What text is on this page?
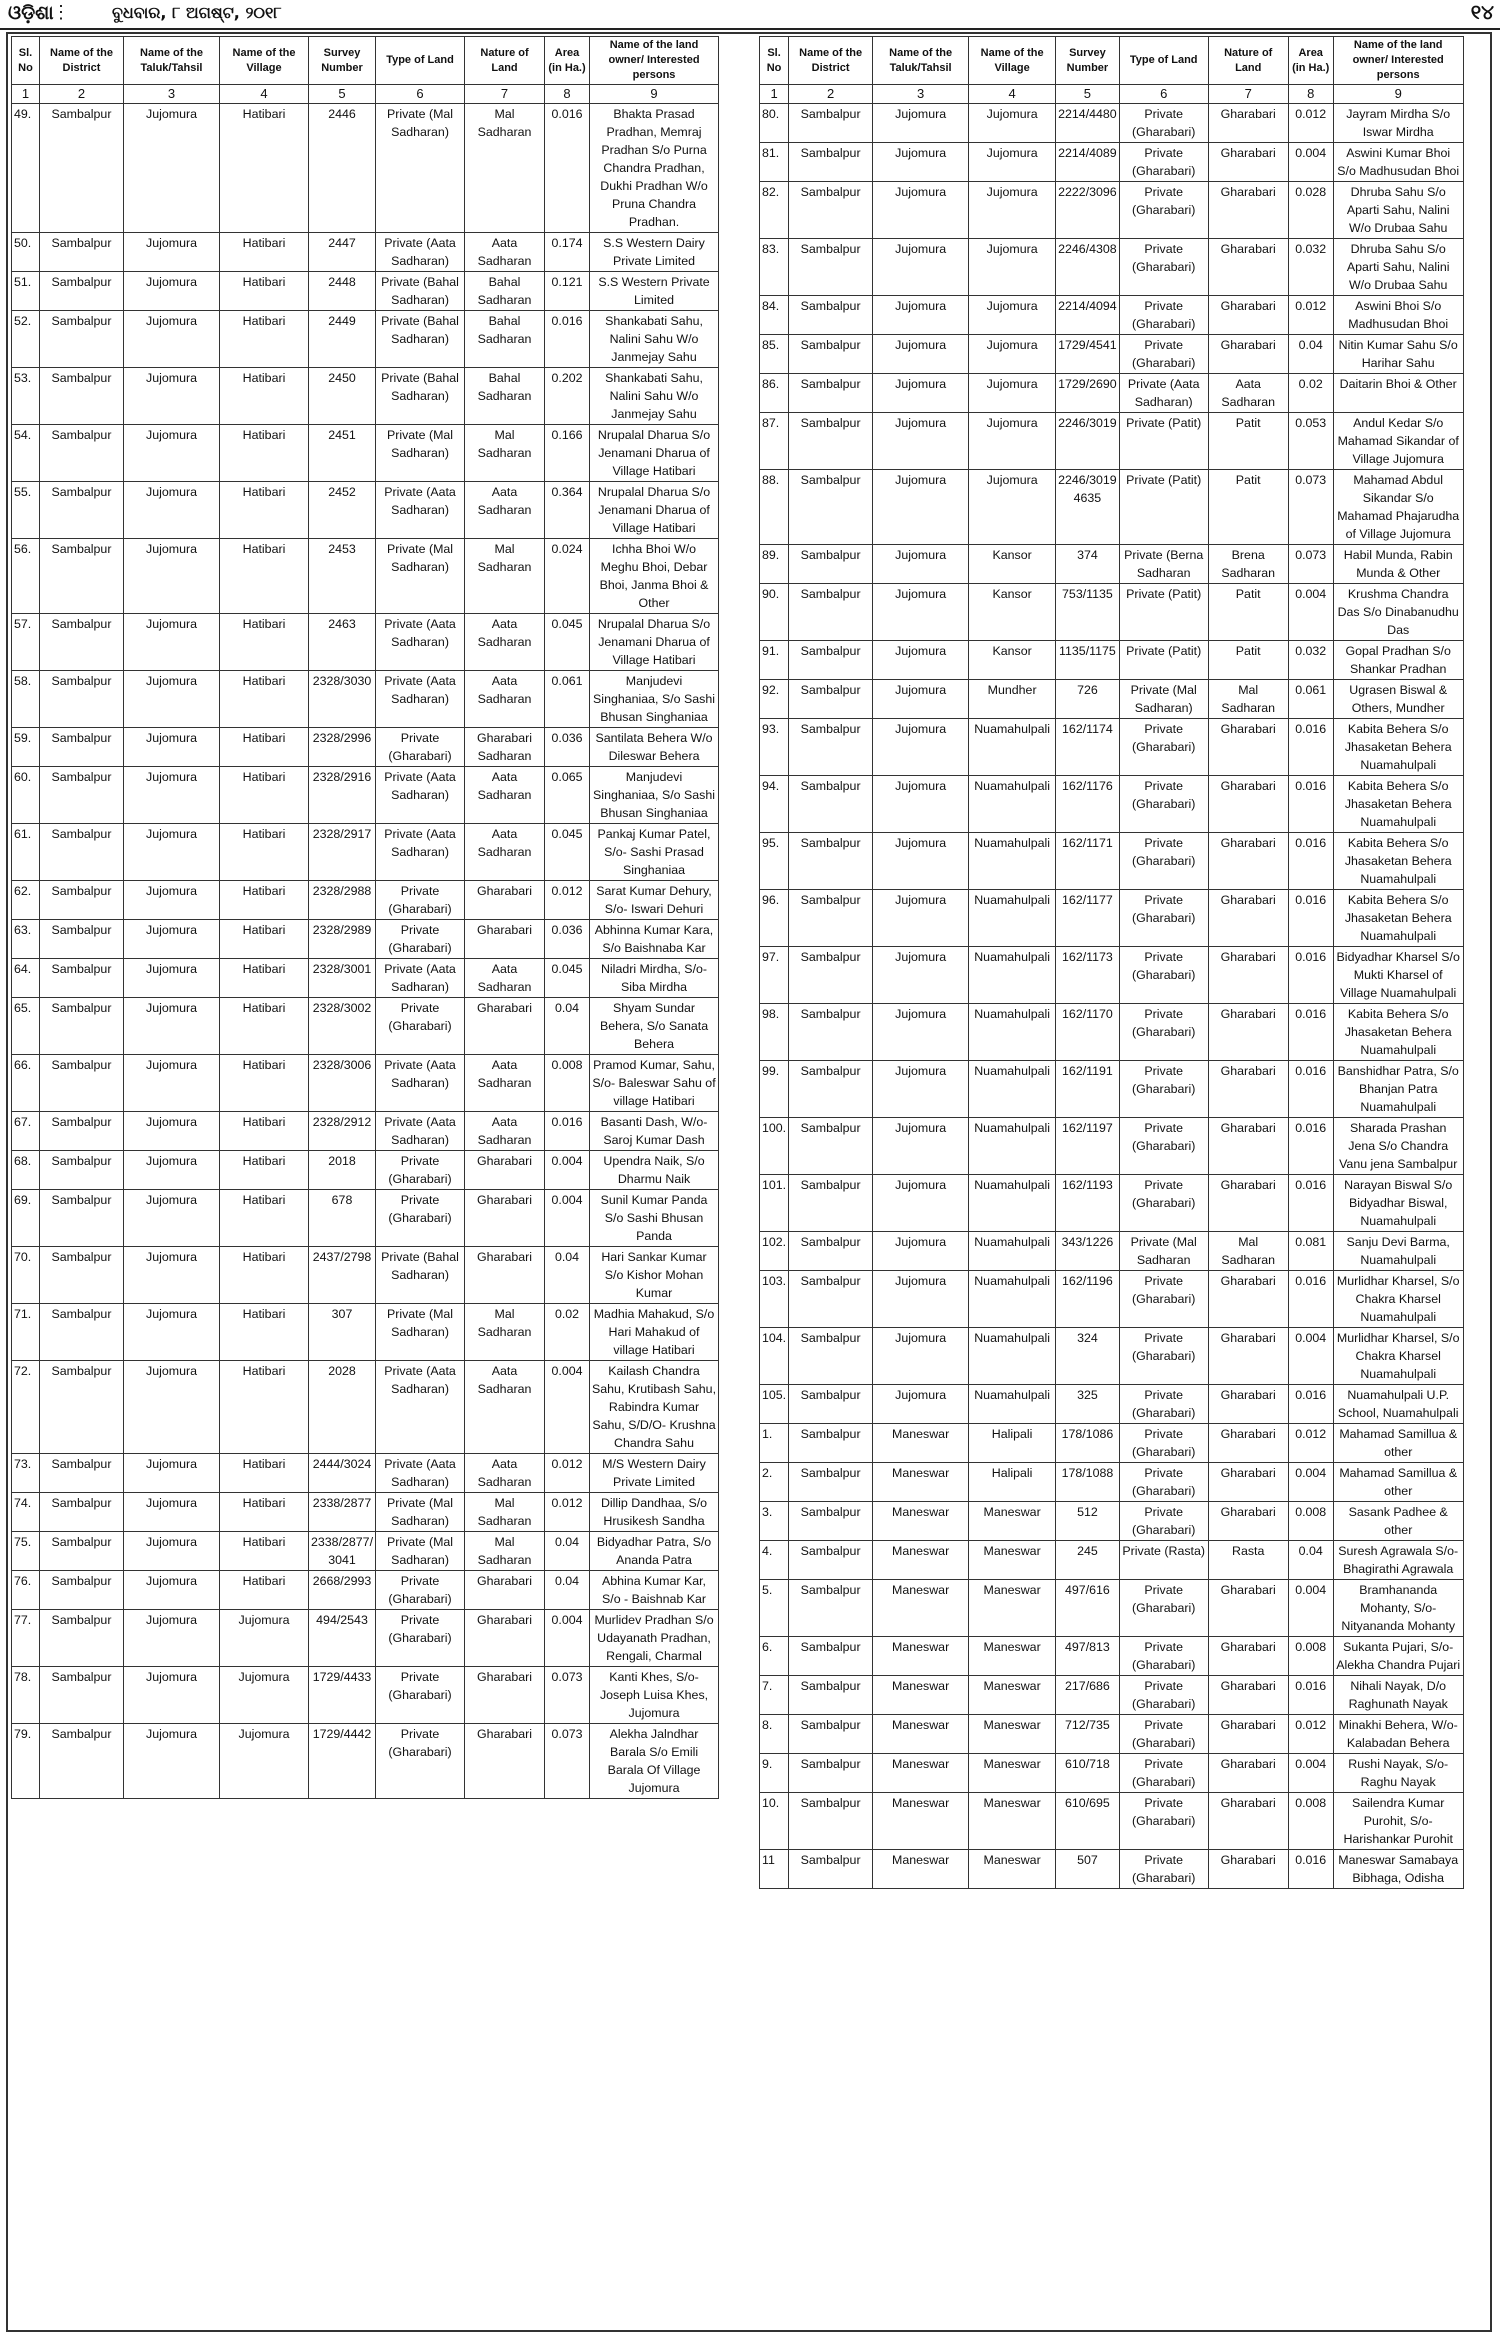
ଓଡ଼ିଶା
⋮	ବୁଧବାର, ୮ ଅଗଷ୍ଟ, ୨୦୧୮	୧୪
Sl. No	Name of the District	Name of the Taluk/Tahsil	Name of the Village	Survey Number	Type of Land	Nature of Land	Area (in Ha.)	Name of the land owner/ Interested persons
1	2	3	4	5	6	7	8	9
49.	Sambalpur	Jujomura	Hatibari	2446	Private (Mal Sadharan)	Mal Sadharan	0.016	Bhakta Prasad Pradhan, Memraj Pradhan S/o Purna Chandra Pradhan, Dukhi Pradhan W/o Pruna Chandra Pradhan.
50.	Sambalpur	Jujomura	Hatibari	2447	Private (Aata Sadharan)	Aata Sadharan	0.174	S.S Western Dairy Private Limited
51.	Sambalpur	Jujomura	Hatibari	2448	Private (Bahal Sadharan)	Bahal Sadharan	0.121	S.S Western Private Limited
52.	Sambalpur	Jujomura	Hatibari	2449	Private (Bahal Sadharan)	Bahal Sadharan	0.016	Shankabati Sahu, Nalini Sahu W/o Janmejay Sahu
53.	Sambalpur	Jujomura	Hatibari	2450	Private (Bahal Sadharan)	Bahal Sadharan	0.202	Shankabati Sahu, Nalini Sahu W/o Janmejay Sahu
54.	Sambalpur	Jujomura	Hatibari	2451	Private (Mal Sadharan)	Mal Sadharan	0.166	Nrupalal Dharua S/o Jenamani Dharua of Village Hatibari
55.	Sambalpur	Jujomura	Hatibari	2452	Private (Aata Sadharan)	Aata Sadharan	0.364	Nrupalal Dharua S/o Jenamani Dharua of Village Hatibari
56.	Sambalpur	Jujomura	Hatibari	2453	Private (Mal Sadharan)	Mal Sadharan	0.024	Ichha Bhoi W/o Meghu Bhoi, Debar Bhoi, Janma Bhoi & Other
57.	Sambalpur	Jujomura	Hatibari	2463	Private (Aata Sadharan)	Aata Sadharan	0.045	Nrupalal Dharua S/o Jenamani Dharua of Village Hatibari
58.	Sambalpur	Jujomura	Hatibari	2328/3030	Private (Aata Sadharan)	Aata Sadharan	0.061	Manjudevi Singhaniaa, S/o Sashi Bhusan Singhaniaa
59.	Sambalpur	Jujomura	Hatibari	2328/2996	Private (Gharabari)	Gharabari Sadharan	0.036	Santilata Behera W/o Dileswar Behera
60.	Sambalpur	Jujomura	Hatibari	2328/2916	Private (Aata Sadharan)	Aata Sadharan	0.065	Manjudevi Singhaniaa, S/o Sashi Bhusan Singhaniaa
61.	Sambalpur	Jujomura	Hatibari	2328/2917	Private (Aata Sadharan)	Aata Sadharan	0.045	Pankaj Kumar Patel, S/o- Sashi Prasad Singhaniaa
62.	Sambalpur	Jujomura	Hatibari	2328/2988	Private (Gharabari)	Gharabari	0.012	Sarat Kumar Dehury, S/o- Iswari Dehuri
63.	Sambalpur	Jujomura	Hatibari	2328/2989	Private (Gharabari)	Gharabari	0.036	Abhinna Kumar Kara, S/o Baishnaba Kar
64.	Sambalpur	Jujomura	Hatibari	2328/3001	Private (Aata Sadharan)	Aata Sadharan	0.045	Niladri Mirdha, S/o- Siba Mirdha
65.	Sambalpur	Jujomura	Hatibari	2328/3002	Private (Gharabari)	Gharabari	0.04	Shyam Sundar Behera, S/o Sanata Behera
66.	Sambalpur	Jujomura	Hatibari	2328/3006	Private (Aata Sadharan)	Aata Sadharan	0.008	Pramod Kumar, Sahu, S/o- Baleswar Sahu of village Hatibari
67.	Sambalpur	Jujomura	Hatibari	2328/2912	Private (Aata Sadharan)	Aata Sadharan	0.016	Basanti Dash, W/o- Saroj Kumar Dash
68.	Sambalpur	Jujomura	Hatibari	2018	Private (Gharabari)	Gharabari	0.004	Upendra Naik, S/o Dharmu Naik
69.	Sambalpur	Jujomura	Hatibari	678	Private (Gharabari)	Gharabari	0.004	Sunil Kumar Panda S/o Sashi Bhusan Panda
70.	Sambalpur	Jujomura	Hatibari	2437/2798	Private (Bahal Sadharan)	Gharabari	0.04	Hari Sankar Kumar S/o Kishor Mohan Kumar
71.	Sambalpur	Jujomura	Hatibari	307	Private (Mal Sadharan)	Mal Sadharan	0.02	Madhia Mahakud, S/o Hari Mahakud of village Hatibari
72.	Sambalpur	Jujomura	Hatibari	2028	Private (Aata Sadharan)	Aata Sadharan	0.004	Kailash Chandra Sahu, Krutibash Sahu, Rabindra Kumar Sahu, S/D/O- Krushna Chandra Sahu
73.	Sambalpur	Jujomura	Hatibari	2444/3024	Private (Aata Sadharan)	Aata Sadharan	0.012	M/S Western Dairy Private Limited
74.	Sambalpur	Jujomura	Hatibari	2338/2877	Private (Mal Sadharan)	Mal Sadharan	0.012	Dillip Dandhaa, S/o Hrusikesh Sandha
75.	Sambalpur	Jujomura	Hatibari	2338/2877/ 3041	Private (Mal Sadharan)	Mal Sadharan	0.04	Bidyadhar Patra, S/o Ananda Patra
76.	Sambalpur	Jujomura	Hatibari	2668/2993	Private (Gharabari)	Gharabari	0.04	Abhina Kumar Kar, S/o - Baishnab Kar
77.	Sambalpur	Jujomura	Jujomura	494/2543	Private (Gharabari)	Gharabari	0.004	Murlidev Pradhan S/o Udayanath Pradhan, Rengali, Charmal
78.	Sambalpur	Jujomura	Jujomura	1729/4433	Private (Gharabari)	Gharabari	0.073	Kanti Khes, S/o- Joseph Luisa Khes, Jujomura
79.	Sambalpur	Jujomura	Jujomura	1729/4442	Private (Gharabari)	Gharabari	0.073	Alekha Jalndhar Barala S/o Emili Barala Of Village Jujomura
Sl. No	Name of the District	Name of the Taluk/Tahsil	Name of the Village	Survey Number	Type of Land	Nature of Land	Area (in Ha.)	Name of the land owner/ Interested persons
1	2	3	4	5	6	7	8	9
80.	Sambalpur	Jujomura	Jujomura	2214/4480	Private (Gharabari)	Gharabari	0.012	Jayram Mirdha S/o Iswar Mirdha
81.	Sambalpur	Jujomura	Jujomura	2214/4089	Private (Gharabari)	Gharabari	0.004	Aswini Kumar Bhoi S/o Madhusudan Bhoi
82.	Sambalpur	Jujomura	Jujomura	2222/3096	Private (Gharabari)	Gharabari	0.028	Dhruba Sahu S/o Aparti Sahu, Nalini W/o Drubaa Sahu
83.	Sambalpur	Jujomura	Jujomura	2246/4308	Private (Gharabari)	Gharabari	0.032	Dhruba Sahu S/o Aparti Sahu, Nalini W/o Drubaa Sahu
84.	Sambalpur	Jujomura	Jujomura	2214/4094	Private (Gharabari)	Gharabari	0.012	Aswini Bhoi S/o Madhusudan Bhoi
85.	Sambalpur	Jujomura	Jujomura	1729/4541	Private (Gharabari)	Gharabari	0.04	Nitin Kumar Sahu S/o Harihar Sahu
86.	Sambalpur	Jujomura	Jujomura	1729/2690	Private (Aata Sadharan)	Aata Sadharan	0.02	Daitarin Bhoi & Other
87.	Sambalpur	Jujomura	Jujomura	2246/3019	Private (Patit)	Patit	0.053	Andul Kedar S/o Mahamad Sikandar of Village Jujomura
88.	Sambalpur	Jujomura	Jujomura	2246/3019 4635	Private (Patit)	Patit	0.073	Mahamad Abdul Sikandar S/o Mahamad Phajarudha of Village Jujomura
89.	Sambalpur	Jujomura	Kansor	374	Private (Berna Sadharan	Brena Sadharan	0.073	Habil Munda, Rabin Munda & Other
90.	Sambalpur	Jujomura	Kansor	753/1135	Private (Patit)	Patit	0.004	Krushma Chandra Das S/o Dinabanudhu Das
91.	Sambalpur	Jujomura	Kansor	1135/1175	Private (Patit)	Patit	0.032	Gopal Pradhan S/o Shankar Pradhan
92.	Sambalpur	Jujomura	Mundher	726	Private (Mal Sadharan)	Mal Sadharan	0.061	Ugrasen Biswal & Others, Mundher
93.	Sambalpur	Jujomura	Nuamahulpali	162/1174	Private (Gharabari)	Gharabari	0.016	Kabita Behera S/o Jhasaketan Behera Nuamahulpali
94.	Sambalpur	Jujomura	Nuamahulpali	162/1176	Private (Gharabari)	Gharabari	0.016	Kabita Behera S/o Jhasaketan Behera Nuamahulpali
95.	Sambalpur	Jujomura	Nuamahulpali	162/1171	Private (Gharabari)	Gharabari	0.016	Kabita Behera S/o Jhasaketan Behera Nuamahulpali
96.	Sambalpur	Jujomura	Nuamahulpali	162/1177	Private (Gharabari)	Gharabari	0.016	Kabita Behera S/o Jhasaketan Behera Nuamahulpali
97.	Sambalpur	Jujomura	Nuamahulpali	162/1173	Private (Gharabari)	Gharabari	0.016	Bidyadhar Kharsel S/o Mukti Kharsel of Village Nuamahulpali
98.	Sambalpur	Jujomura	Nuamahulpali	162/1170	Private (Gharabari)	Gharabari	0.016	Kabita Behera S/o Jhasaketan Behera Nuamahulpali
99.	Sambalpur	Jujomura	Nuamahulpali	162/1191	Private (Gharabari)	Gharabari	0.016	Banshidhar Patra, S/o Bhanjan Patra Nuamahulpali
100.	Sambalpur	Jujomura	Nuamahulpali	162/1197	Private (Gharabari)	Gharabari	0.016	Sharada Prashan Jena S/o Chandra Vanu jena Sambalpur
101.	Sambalpur	Jujomura	Nuamahulpali	162/1193	Private (Gharabari)	Gharabari	0.016	Narayan Biswal S/o Bidyadhar Biswal, Nuamahulpali
102.	Sambalpur	Jujomura	Nuamahulpali	343/1226	Private (Mal Sadharan	Mal Sadharan	0.081	Sanju Devi Barma, Nuamahulpali
103.	Sambalpur	Jujomura	Nuamahulpali	162/1196	Private (Gharabari)	Gharabari	0.016	Murlidhar Kharsel, S/o Chakra Kharsel Nuamahulpali
104.	Sambalpur	Jujomura	Nuamahulpali	324	Private (Gharabari)	Gharabari	0.004	Murlidhar Kharsel, S/o Chakra Kharsel Nuamahulpali
105.	Sambalpur	Jujomura	Nuamahulpali	325	Private (Gharabari)	Gharabari	0.016	Nuamahulpali U.P. School, Nuamahulpali
1.	Sambalpur	Maneswar	Halipali	178/1086	Private (Gharabari)	Gharabari	0.012	Mahamad Samillua & other
2.	Sambalpur	Maneswar	Halipali	178/1088	Private (Gharabari)	Gharabari	0.004	Mahamad Samillua & other
3.	Sambalpur	Maneswar	Maneswar	512	Private (Gharabari)	Gharabari	0.008	Sasank Padhee & other
4.	Sambalpur	Maneswar	Maneswar	245	Private (Rasta)	Rasta	0.04	Suresh Agrawala S/o- Bhagirathi Agrawala
5.	Sambalpur	Maneswar	Maneswar	497/616	Private (Gharabari)	Gharabari	0.004	Bramhananda Mohanty, S/o- Nityananda Mohanty
6.	Sambalpur	Maneswar	Maneswar	497/813	Private (Gharabari)	Gharabari	0.008	Sukanta Pujari, S/o- Alekha Chandra Pujari
7.	Sambalpur	Maneswar	Maneswar	217/686	Private (Gharabari)	Gharabari	0.016	Nihali Nayak, D/o Raghunath Nayak
8.	Sambalpur	Maneswar	Maneswar	712/735	Private (Gharabari)	Gharabari	0.012	Minakhi Behera, W/o- Kalabadan Behera
9.	Sambalpur	Maneswar	Maneswar	610/718	Private (Gharabari)	Gharabari	0.004	Rushi Nayak, S/o- Raghu Nayak
10.	Sambalpur	Maneswar	Maneswar	610/695	Private (Gharabari)	Gharabari	0.008	Sailendra Kumar Purohit, S/o- Harishankar Purohit
11	Sambalpur	Maneswar	Maneswar	507	Private (Gharabari)	Gharabari	0.016	Maneswar Samabaya Bibhaga, Odisha
